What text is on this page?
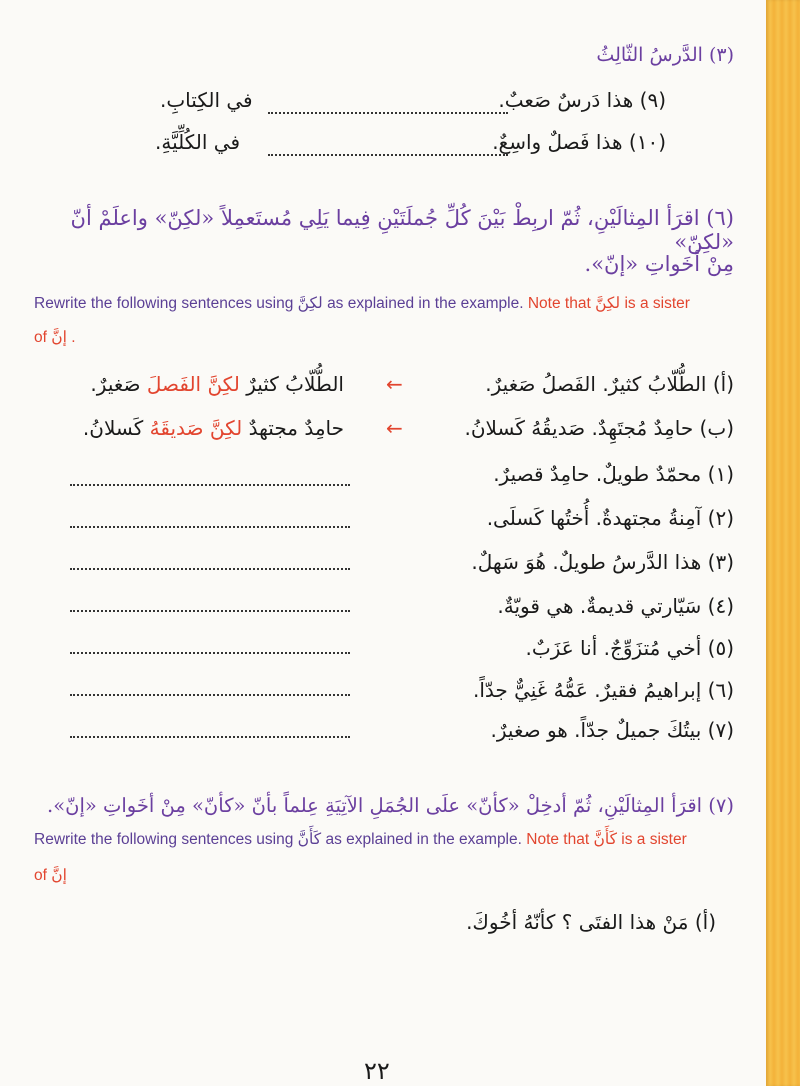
(٣) الدَّرسُ الثّالِثُ
(٩) هذا دَرسٌ صَعبٌ.
في الكِتابِ.
(١٠) هذا فَصلٌ واسِعٌ.
في الكُلِّيَّةِ.
(٦) اقرَأ المِثالَيْنِ، ثُمّ اربِطْ بَيْنَ كُلِّ جُملَتَيْنِ فِيما يَلِي مُستَعمِلاً «لكِنّ» واعلَمْ أنّ «لكِنّ»
مِنْ أخَواتِ «إنّ».
Rewrite the following sentences using لكِنَّ as explained in the example. Note that لكِنَّ is a sister
of إنَّ .
(أ) الطُّلّابُ كثيرٌ. الفَصلُ صَغيرٌ.
←
الطُّلّابُ كثيرٌ لكِنَّ الفَصلَ صَغيرٌ.
(ب) حامِدٌ مُجتَهِدٌ. صَديقُهُ كَسلانُ.
←
حامِدٌ مجتهدٌ لكِنَّ صَديقَهُ كَسلانُ.
(١) محمّدٌ طويلٌ. حامِدٌ قصيرٌ.
(٢) آمِنةُ مجتهدةٌ. أُختُها كَسلَى.
(٣) هذا الدَّرسُ طويلٌ. هُوَ سَهلٌ.
(٤) سَيّارتي قديمةٌ. هي قويّةٌ.
(٥) أخي مُتزَوِّجٌ. أنا عَزَبٌ.
(٦) إبراهيمُ فقيرٌ. عَمُّهُ غَنِيٌّ جدّاً.
(٧) بيتُكَ جميلٌ جدّاً. هو صغيرٌ.
(٧) اقرَأ المِثالَيْنِ، ثُمّ أدخِلْ «كأنّ» علَى الجُمَلِ الآتِيَةِ عِلماً بأنّ «كأنّ» مِنْ أخَواتِ «إنّ».
Rewrite the following sentences using كَأَنَّ as explained in the example. Note that كَأَنَّ is a sister
of إنَّ
(أ) مَنْ هذا الفتَى ؟ كأنّهُ أخُوكَ.
٢٢
